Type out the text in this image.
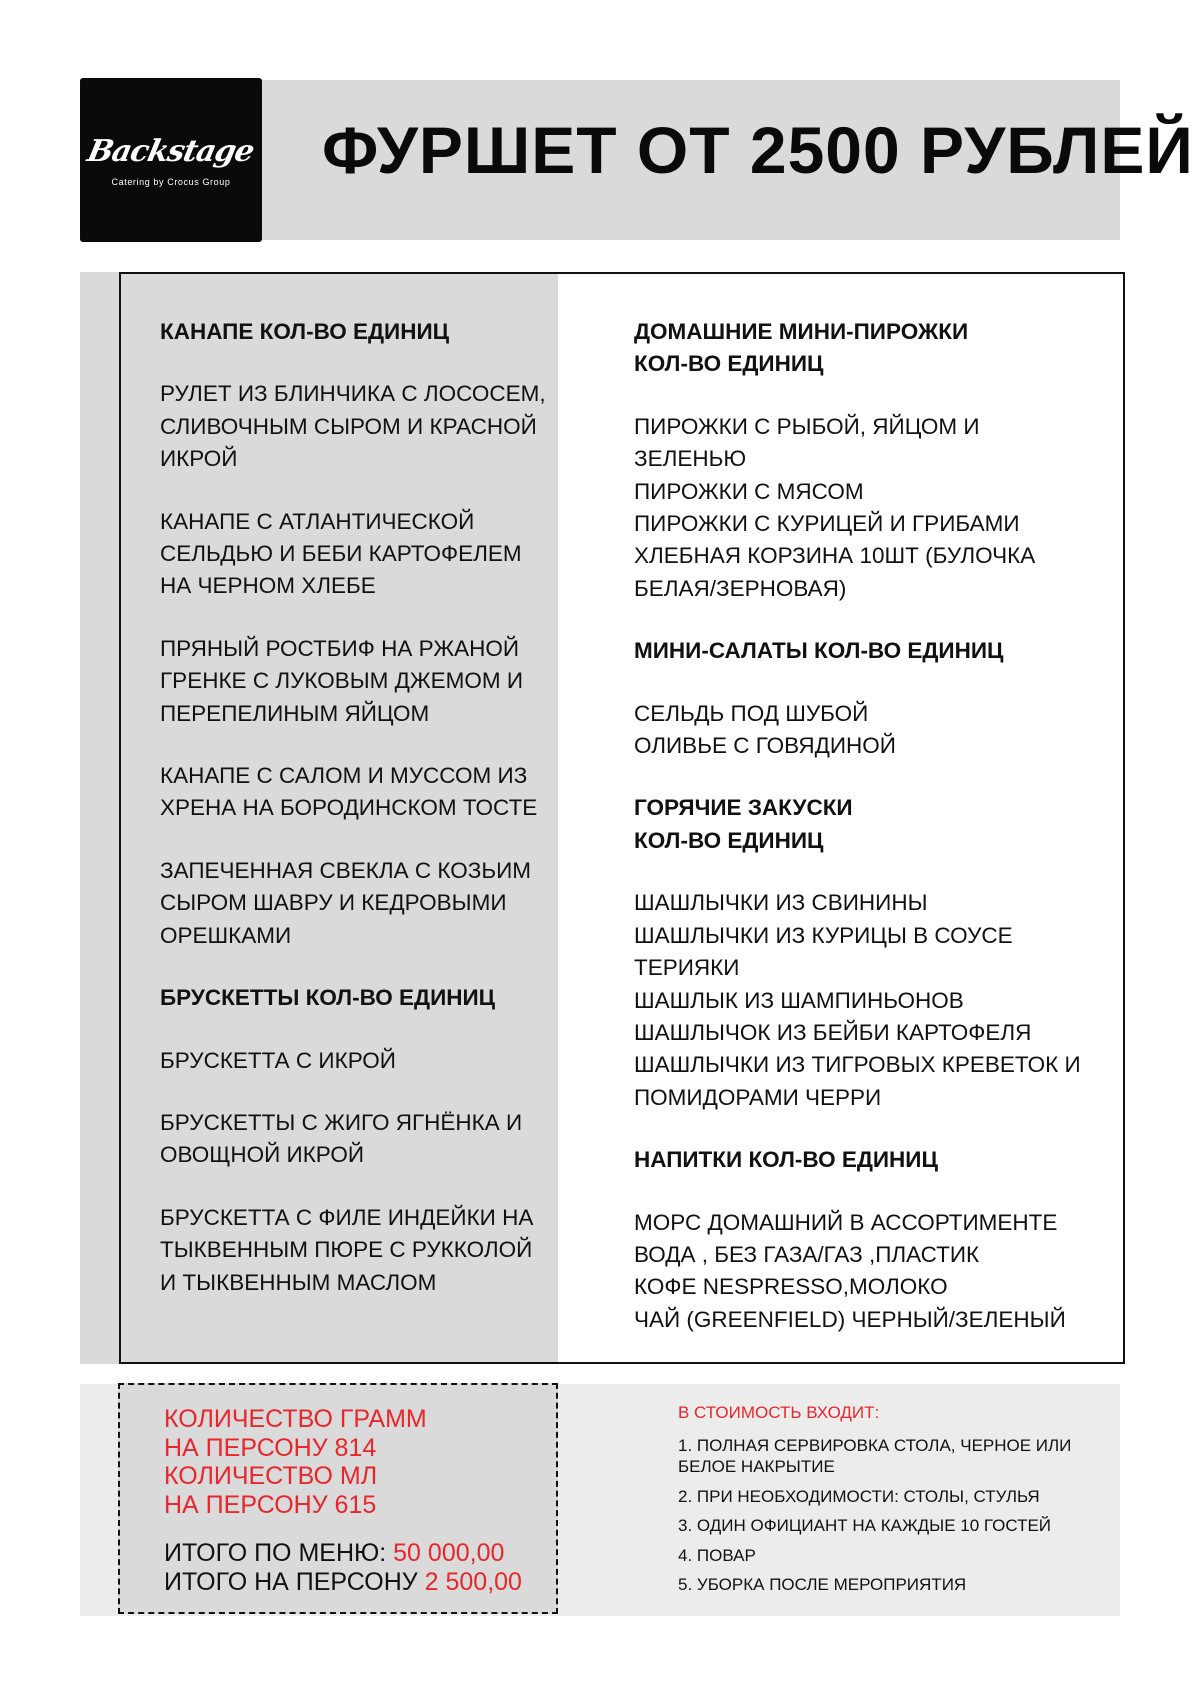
Backstage
Catering by Crocus Group ФУРШЕТ ОТ 2500 РУБЛЕЙ

КАНАПЕ КОЛ-ВО ЕДИНИЦ

РУЛЕТ ИЗ БЛИНЧИКА С ЛОСОСЕМ, СЛИВОЧНЫМ СЫРОМ И КРАСНОЙ ИКРОЙ

КАНАПЕ С АТЛАНТИЧЕСКОЙ СЕЛЬДЬЮ И БЕБИ КАРТОФЕЛЕМ НА ЧЕРНОМ ХЛЕБЕ

ПРЯНЫЙ РОСТБИФ НА РЖАНОЙ ГРЕНКЕ С ЛУКОВЫМ ДЖЕМОМ И ПЕРЕПЕЛИНЫМ ЯЙЦОМ

КАНАПЕ С САЛОМ И МУССОМ ИЗ ХРЕНА НА БОРОДИНСКОМ ТОСТЕ

ЗАПЕЧЕННАЯ СВЕКЛА С КОЗЬИМ СЫРОМ ШАВРУ И КЕДРОВЫМИ ОРЕШКАМИ

БРУСКЕТТЫ КОЛ-ВО ЕДИНИЦ

БРУСКЕТТА С ИКРОЙ

БРУСКЕТТЫ С ЖИГО ЯГНЁНКА И ОВОЩНОЙ ИКРОЙ

БРУСКЕТТА С ФИЛЕ ИНДЕЙКИ НА ТЫКВЕННЫМ ПЮРЕ С РУККОЛОЙ И ТЫКВЕННЫМ МАСЛОМ

ДОМАШНИЕ МИНИ-ПИРОЖКИ
КОЛ-ВО ЕДИНИЦ

ПИРОЖКИ С РЫБОЙ, ЯЙЦОМ И ЗЕЛЕНЬЮ

ПИРОЖКИ С МЯСОМ

ПИРОЖКИ С КУРИЦЕЙ И ГРИБАМИ

ХЛЕБНАЯ КОРЗИНА 10ШТ (БУЛОЧКА БЕЛАЯ/ЗЕРНОВАЯ)

МИНИ-САЛАТЫ КОЛ-ВО ЕДИНИЦ

СЕЛЬДЬ ПОД ШУБОЙ

ОЛИВЬЕ С ГОВЯДИНОЙ

ГОРЯЧИЕ ЗАКУСКИ
КОЛ-ВО ЕДИНИЦ

ШАШЛЫЧКИ ИЗ СВИНИНЫ

ШАШЛЫЧКИ ИЗ КУРИЦЫ В СОУСЕ ТЕРИЯКИ

ШАШЛЫК ИЗ ШАМПИНЬОНОВ

ШАШЛЫЧОК ИЗ БЕЙБИ КАРТОФЕЛЯ

ШАШЛЫЧКИ ИЗ ТИГРОВЫХ КРЕВЕТОК И ПОМИДОРАМИ ЧЕРРИ

НАПИТКИ КОЛ-ВО ЕДИНИЦ

МОРС ДОМАШНИЙ В АССОРТИМЕНТЕ

ВОДА , БЕЗ ГАЗА/ГАЗ ,ПЛАСТИК

КОФЕ NESPRESSO,МОЛОКО

ЧАЙ (GREENFIELD) ЧЕРНЫЙ/ЗЕЛЕНЫЙ

КОЛИЧЕСТВО ГРАММ
НА ПЕРСОНУ 814
КОЛИЧЕСТВО МЛ
НА ПЕРСОНУ 615
ИТОГО ПО МЕНЮ: 50 000,00
ИТОГО НА ПЕРСОНУ 2 500,00

В СТОИМОСТЬ ВХОДИТ:

1. ПОЛНАЯ СЕРВИРОВКА СТОЛА, ЧЕРНОЕ ИЛИ БЕЛОЕ НАКРЫТИЕ

2. ПРИ НЕОБХОДИМОСТИ: СТОЛЫ, СТУЛЬЯ

3. ОДИН ОФИЦИАНТ НА КАЖДЫЕ 10 ГОСТЕЙ

4. ПОВАР

5. УБОРКА ПОСЛЕ МЕРОПРИЯТИЯ
